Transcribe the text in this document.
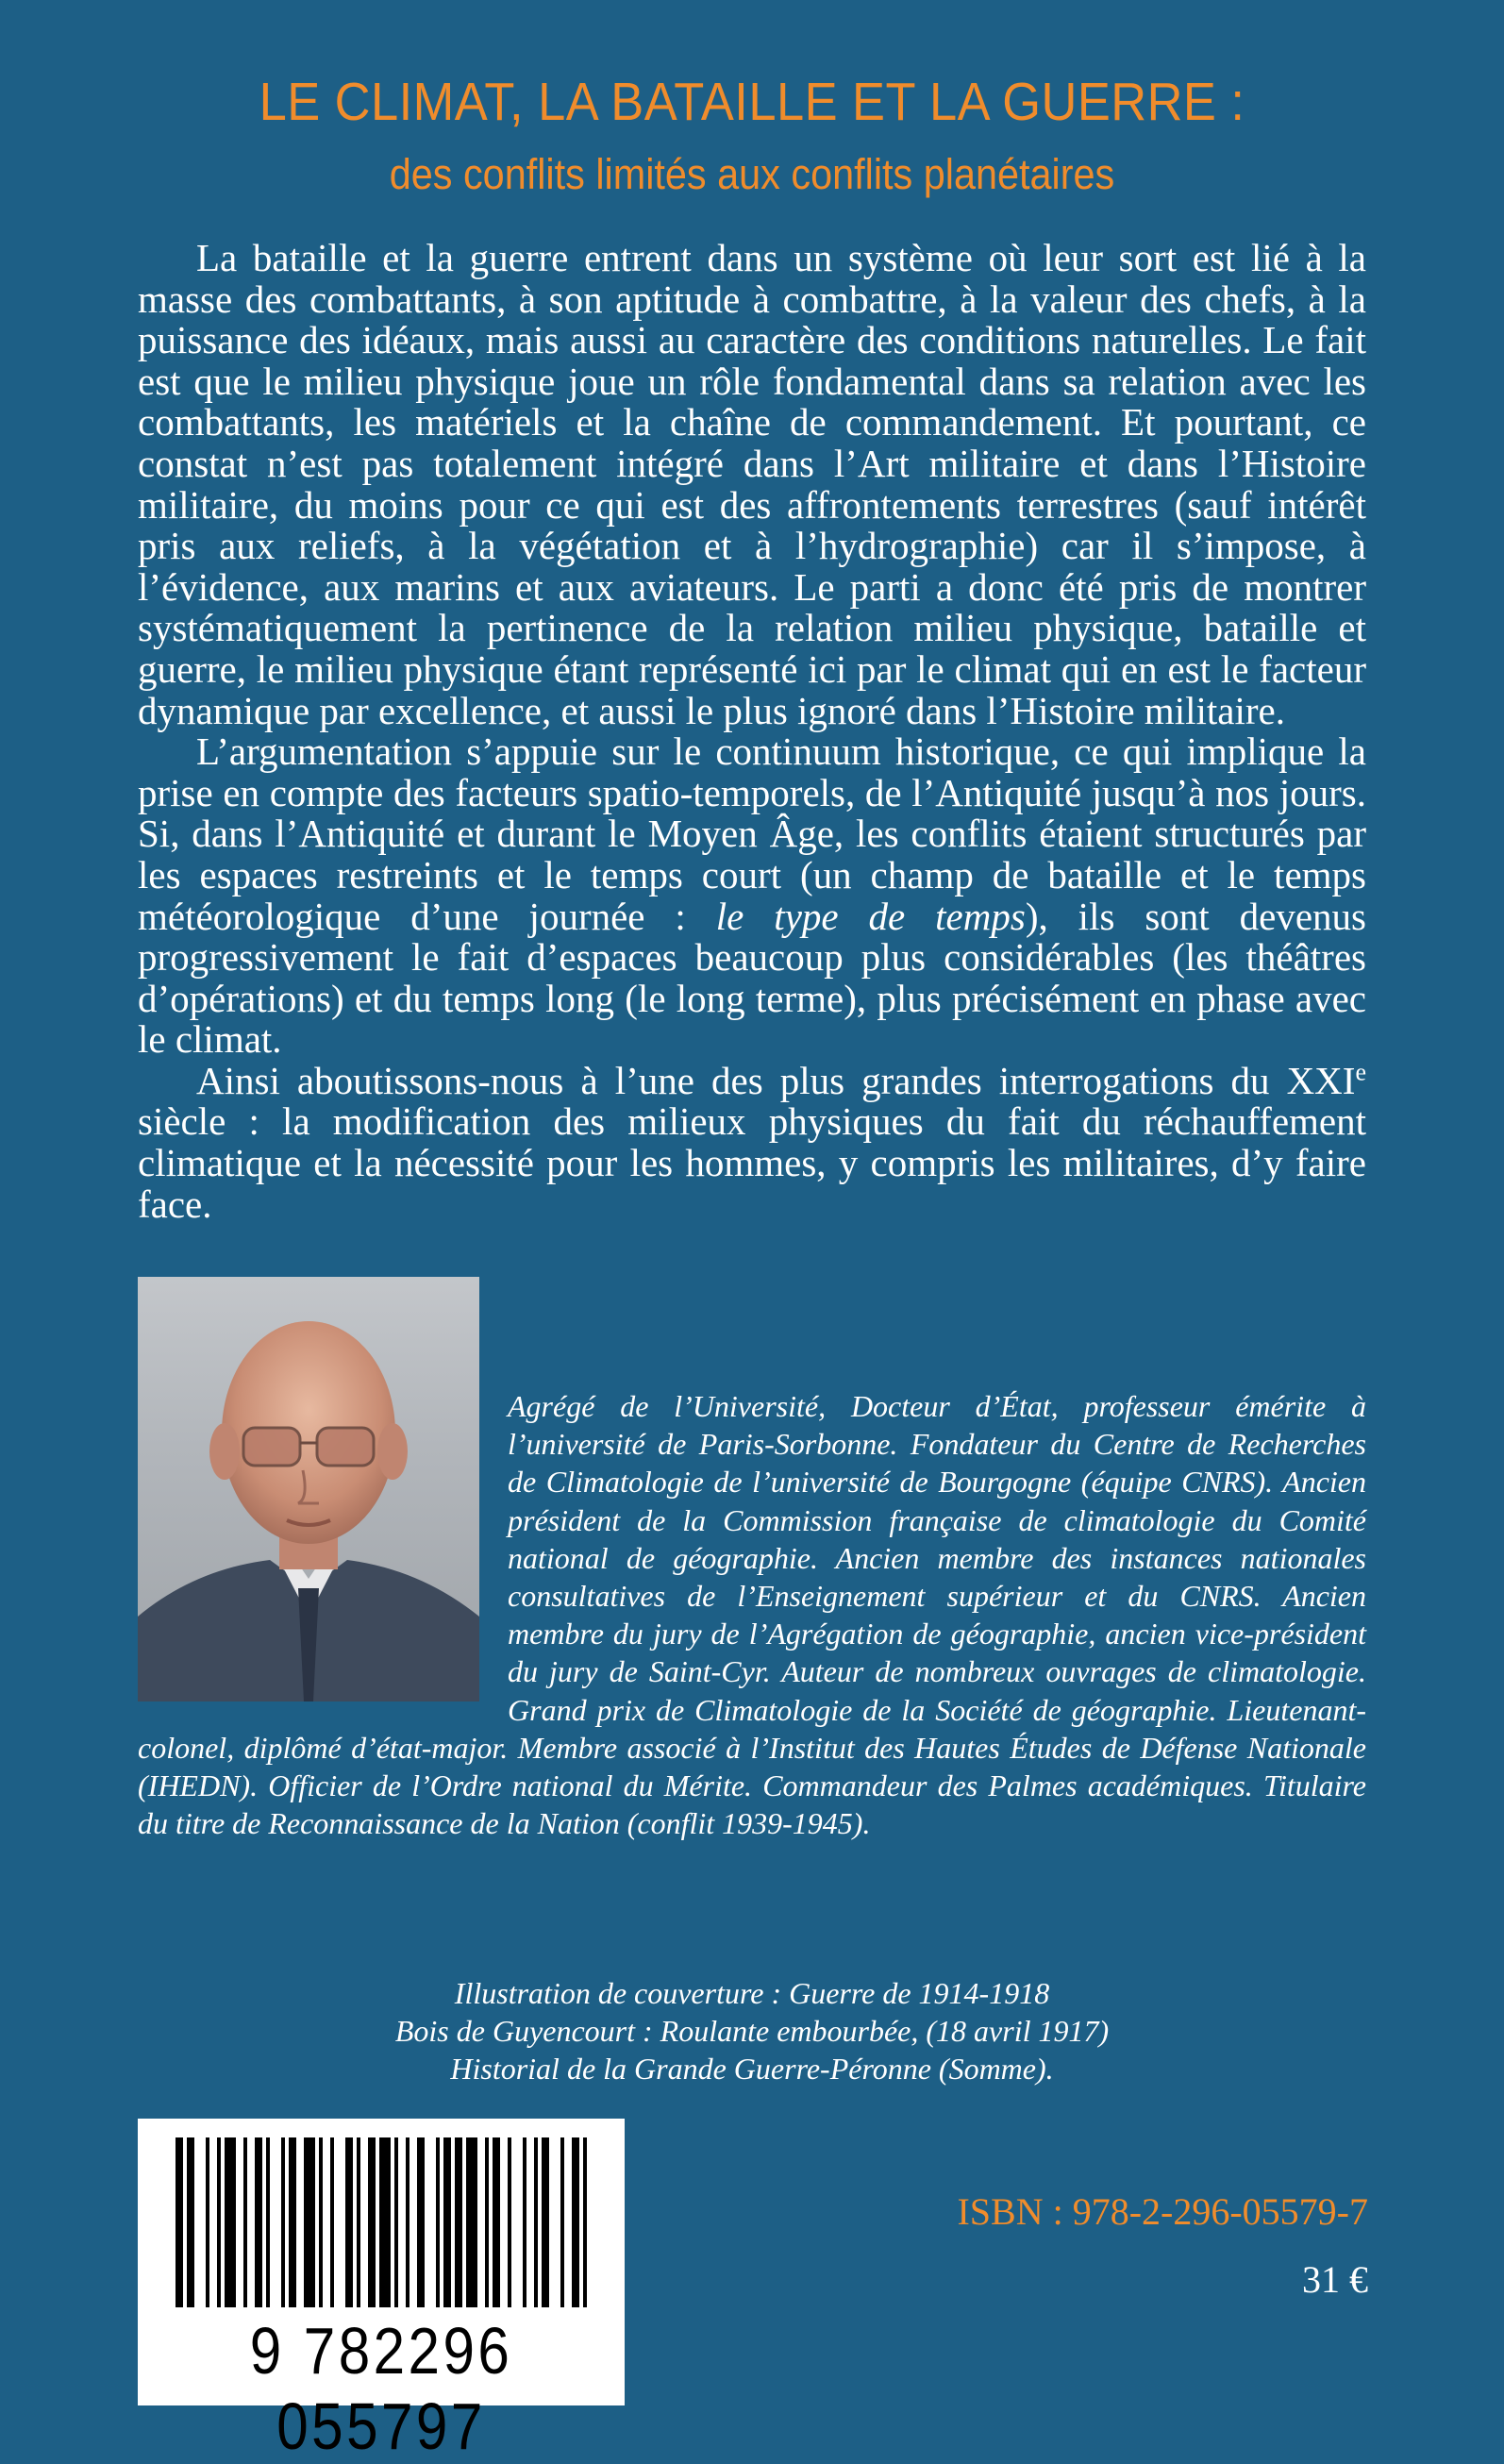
LE CLIMAT, LA BATAILLE ET LA GUERRE :
des conflits limités aux conflits planétaires

La bataille et la guerre entrent dans un système où leur sort est lié à la masse des combattants, à son aptitude à combattre, à la valeur des chefs, à la puissance des idéaux, mais aussi au caractère des conditions naturelles. Le fait est que le milieu physique joue un rôle fondamental dans sa relation avec les combattants, les matériels et la chaîne de commandement. Et pourtant, ce constat n’est pas totalement intégré dans l’Art militaire et dans l’Histoire militaire, du moins pour ce qui est des affrontements terrestres (sauf intérêt pris aux reliefs, à la végétation et à l’hydrographie) car il s’impose, à l’évidence, aux marins et aux aviateurs. Le parti a donc été pris de montrer systématiquement la pertinence de la relation milieu physique, bataille et guerre, le milieu physique étant représenté ici par le climat qui en est le facteur dynamique par excellence, et aussi le plus ignoré dans l’Histoire militaire.

L’argumentation s’appuie sur le continuum historique, ce qui implique la prise en compte des facteurs spatio-temporels, de l’Antiquité jusqu’à nos jours. Si, dans l’Antiquité et durant le Moyen Âge, les conflits étaient structurés par les espaces restreints et le temps court (un champ de bataille et le temps météorologique d’une journée : le type de temps), ils sont devenus progressivement le fait d’espaces beaucoup plus considérables (les théâtres d’opérations) et du temps long (le long terme), plus précisément en phase avec le climat.

Ainsi aboutissons-nous à l’une des plus grandes interrogations du XXIe siècle : la modification des milieux physiques du fait du réchauffement climatique et la nécessité pour les hommes, y compris les militaires, d’y faire face.

Agrégé de l’Université, Docteur d’État, professeur émérite à l’université de Paris-Sorbonne. Fondateur du Centre de Recherches de Climatologie de l’université de Bourgogne (équipe CNRS). Ancien président de la Commission française de climatologie du Comité national de géographie. Ancien membre des instances nationales consultatives de l’Enseignement supérieur et du CNRS. Ancien membre du jury de l’Agrégation de géographie, ancien vice-président du jury de Saint-Cyr. Auteur de nombreux ouvrages de climatologie. Grand prix de Climatologie de la Société de géographie. Lieutenant-colonel, diplômé d’état-major. Membre associé à l’Institut des Hautes Études de Défense Nationale (IHEDN). Officier de l’Ordre national du Mérite. Commandeur des Palmes académiques. Titulaire du titre de Reconnaissance de la Nation (conflit 1939-1945).
Illustration de couverture : Guerre de 1914-1918
Bois de Guyencourt : Roulante embourbée, (18 avril 1917)
Historial de la Grande Guerre-Péronne (Somme).
9 782296 055797
ISBN : 978-2-296-05579-7
31 €
